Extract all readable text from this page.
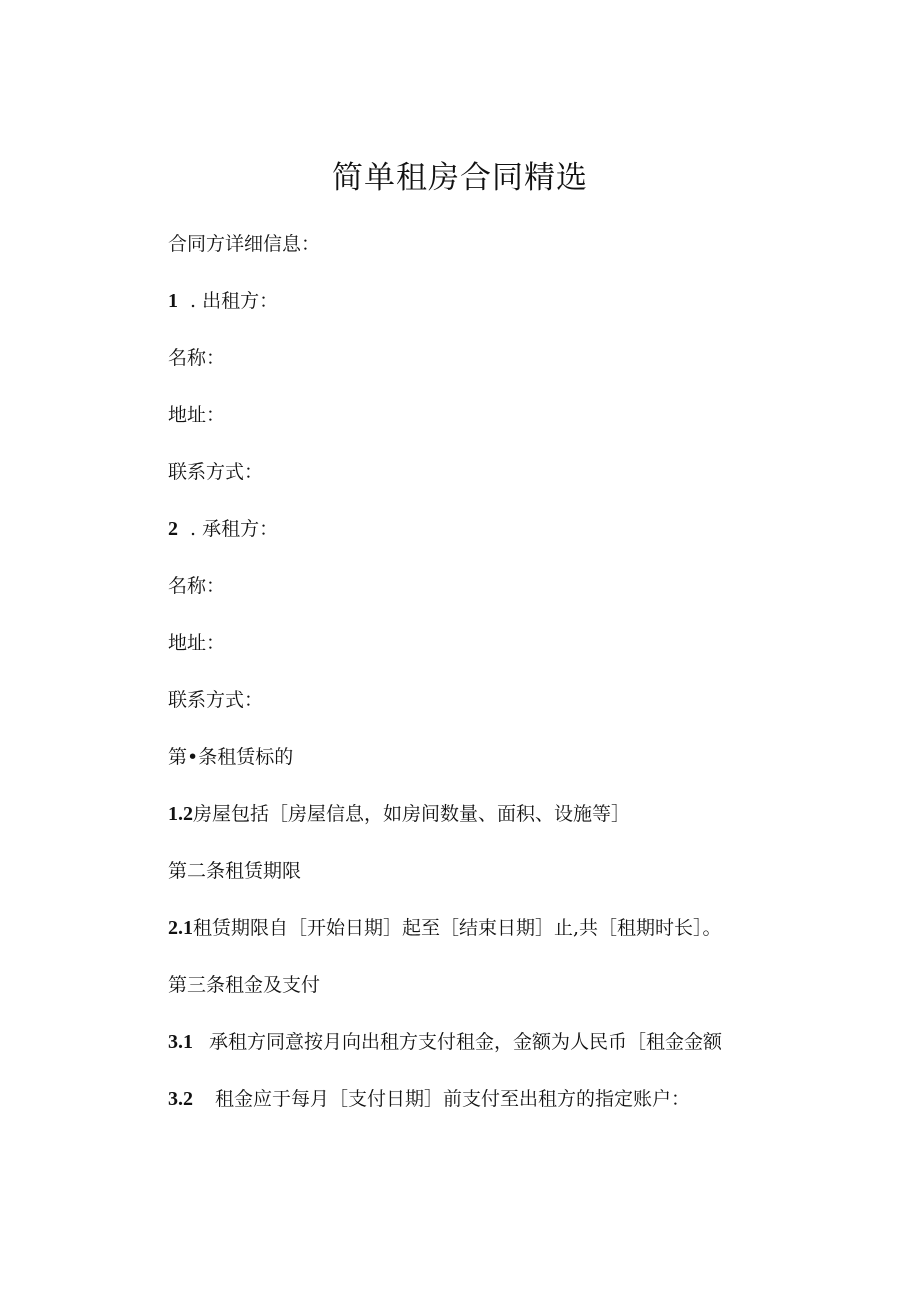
简单租房合同精选
合同方详细信息：
1 . 出租方：
名称：
地址：
联系方式：
2 . 承租方：
名称：
地址：
联系方式：
第•条租赁标的
1.2房屋包括［房屋信息，如房间数量、面积、设施等］
第二条租赁期限
2.1租赁期限自［开始日期］起至［结束日期］止,共［租期时长］。
第三条租金及支付
3.1 承租方同意按月向出租方支付租金，金额为人民币［租金金额
3.2 租金应于每月［支付日期］前支付至出租方的指定账户：
